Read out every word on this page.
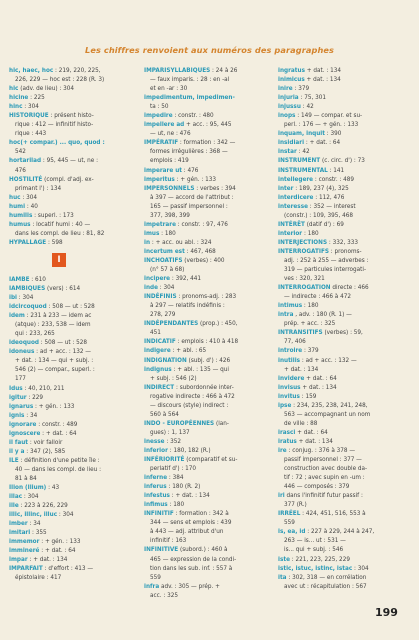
Les chiffres renvoient aux numéros des paragraphes
hic, haec, hoc : 219, 220, 225,
226, 229 — hoc est : 228 (R. 3)
hic (adv. de lieu) : 304
hicine : 225
hinc : 304
HISTORIQUE : présent histo-
rique : 412 — infinitif histo-
rique : 443
hoc(+ compar.) ... quo, quod :
542
hortarilad : 95, 445 — ut, ne :
476
HOSTILITÉ (compl. d'adj. ex-
primant l') : 134
huc : 304
humi : 40
humilis : superl. : 173
humus : locatif humi : 40 —
dans les compl. de lieu : 81, 82
HYPALLAGE : 598
I
IAMBE : 610
IAMBIQUES (vers) : 614
ibi : 304
idcircoquod : 508 — ut : 528
idem : 231 à 233 — idem ac
(atque) : 233, 538 — idem
qui : 233, 265
ideoquod : 508 — ut : 528
idoneus : ad + acc. : 132 —
+ dat. : 134 — qui + subj. :
546 (2) — compar., superl. :
177
Idus : 40, 210, 211
igitur : 229
ignarus : + gén. : 133
ignis : 34
ignorare : constr. : 489
ignoscere : + dat. : 64
il faut : voir falloir
il y a : 347 (2), 585
ILE : définition d'une petite île :
40 — dans les compl. de lieu :
81 à 84
Ilion (Ilium) : 43
illac : 304
ille : 223 à 226, 229
illic, illinc, illuc : 304
imber : 34
imitari : 355
immemor : + gén. : 133
immineré : + dat. : 64
impar : + dat. : 134
IMPARFAIT : d'effort : 413 —
épistolaire : 417
IMPARISYLLABIQUES : 24 à 26
— faux imparis. : 28 : en -al
et en -ar : 30
impedimentum, impedimen-
ta : 50
impedire : constr. : 480
impellere ad + acc. : 95, 445
— ut, ne : 476
IMPÉRATIF : formation : 342 —
formes irrégulières : 368 —
emplois : 419
imperare ut : 476
imperitus : + gén. : 133
IMPERSONNELS : verbes : 394
à 397 — accord de l'attribut :
165 — passif impersonnel :
377, 398, 399
impetrare : constr. : 97, 476
imus : 180
in : + acc. ou abl. : 324
incertum est : 467, 468
INCHOATIFS (verbes) : 400
(n° 57 à 68)
incipere : 392, 441
inde : 304
INDÉFINIS : pronoms-adj. : 283
à 297 — relatifs indéfinis :
278, 279
INDÉPENDANTES (prop.) : 450,
451
INDICATIF : emplois : 410 à 418
indigere : + abl. : 65
INDIGNATION (subj. d') : 426
indignus : + abl. : 135 — qui
+ subj. : 546 (2)
INDIRECT : subordonnée inter-
rogative indirecte : 466 à 472
— discours (style) indirect :
560 à 564
INDO - EUROPÉENNES (lan-
gues) : 1, 137
inesse : 352
inferior : 180, 182 (R.)
INFÉRIORITÉ (comparatif et su-
perlatif d') : 170
inferne : 384
inferus : 180 (R. 2)
infestus : + dat. : 134
infimus : 180
INFINITIF : formation : 342 à
344 — sens et emplois : 439
à 443 — adj. attribut d'un
infinitif : 163
INFINITIVE (subord.) : 460 à
465 — expression de la condi-
tion dans les sub. inf. : 557 à
559
infra adv. : 305 — prép. +
acc. : 325
ingratus + dat. : 134
inimicus + dat. : 134
inire : 379
injuria : 75, 301
injussu : 42
inops : 149 — compar. et su-
perl. : 176 — + gén. : 133
inquam, inquit : 390
insidiari : + dat. : 64
instar : 42
INSTRUMENT (c. circ. d') : 73
INSTRUMENTAL : 141
intellegere : constr. : 489
inter : 189, 237 (4), 325
interdicere : 112, 476
interesse : 352 — interest
(constr.) : 109, 395, 468
INTÉRÊT (datif d') : 69
interior : 180
INTERJECTIONS : 332, 333
INTERROGATIFS : pronoms-
adj. : 252 à 255 — adverbes :
319 — particules interrogati-
ves : 320, 321
INTERROGATION directe : 466
— indirecte : 466 à 472
intimus : 180
intra , adv. : 180 (R. 1) —
prép. + acc. : 325
INTRANSITIFS (verbes) : 59,
77, 406
introire : 379
inutilis : ad + acc. : 132 —
+ dat. : 134
invidere + dat. : 64
invisus + dat. : 134
invitus : 159
ipse : 234, 235, 238, 241, 248,
563 — accompagnant un nom
de ville : 88
irasci + dat. : 64
iratus + dat. : 134
ire : conjug. : 376 à 378 —
passif impersonnel : 377 —
construction avec double da-
tif : 72 ; avec supin en -um :
446 — composés : 379
iri dans l'infinitif futur passif :
377 (R.)
IRRÉEL : 424, 451, 516, 553 à
559
is, ea, id : 227 à 229, 244 à 247,
263 — is... ut : 531 —
is... qui + subj. : 546
iste : 221, 223, 225, 229
istic, istuc, istinc, istac : 304
ita : 302, 318 — en corrélation
avec ut : récapitulation : 567
199
